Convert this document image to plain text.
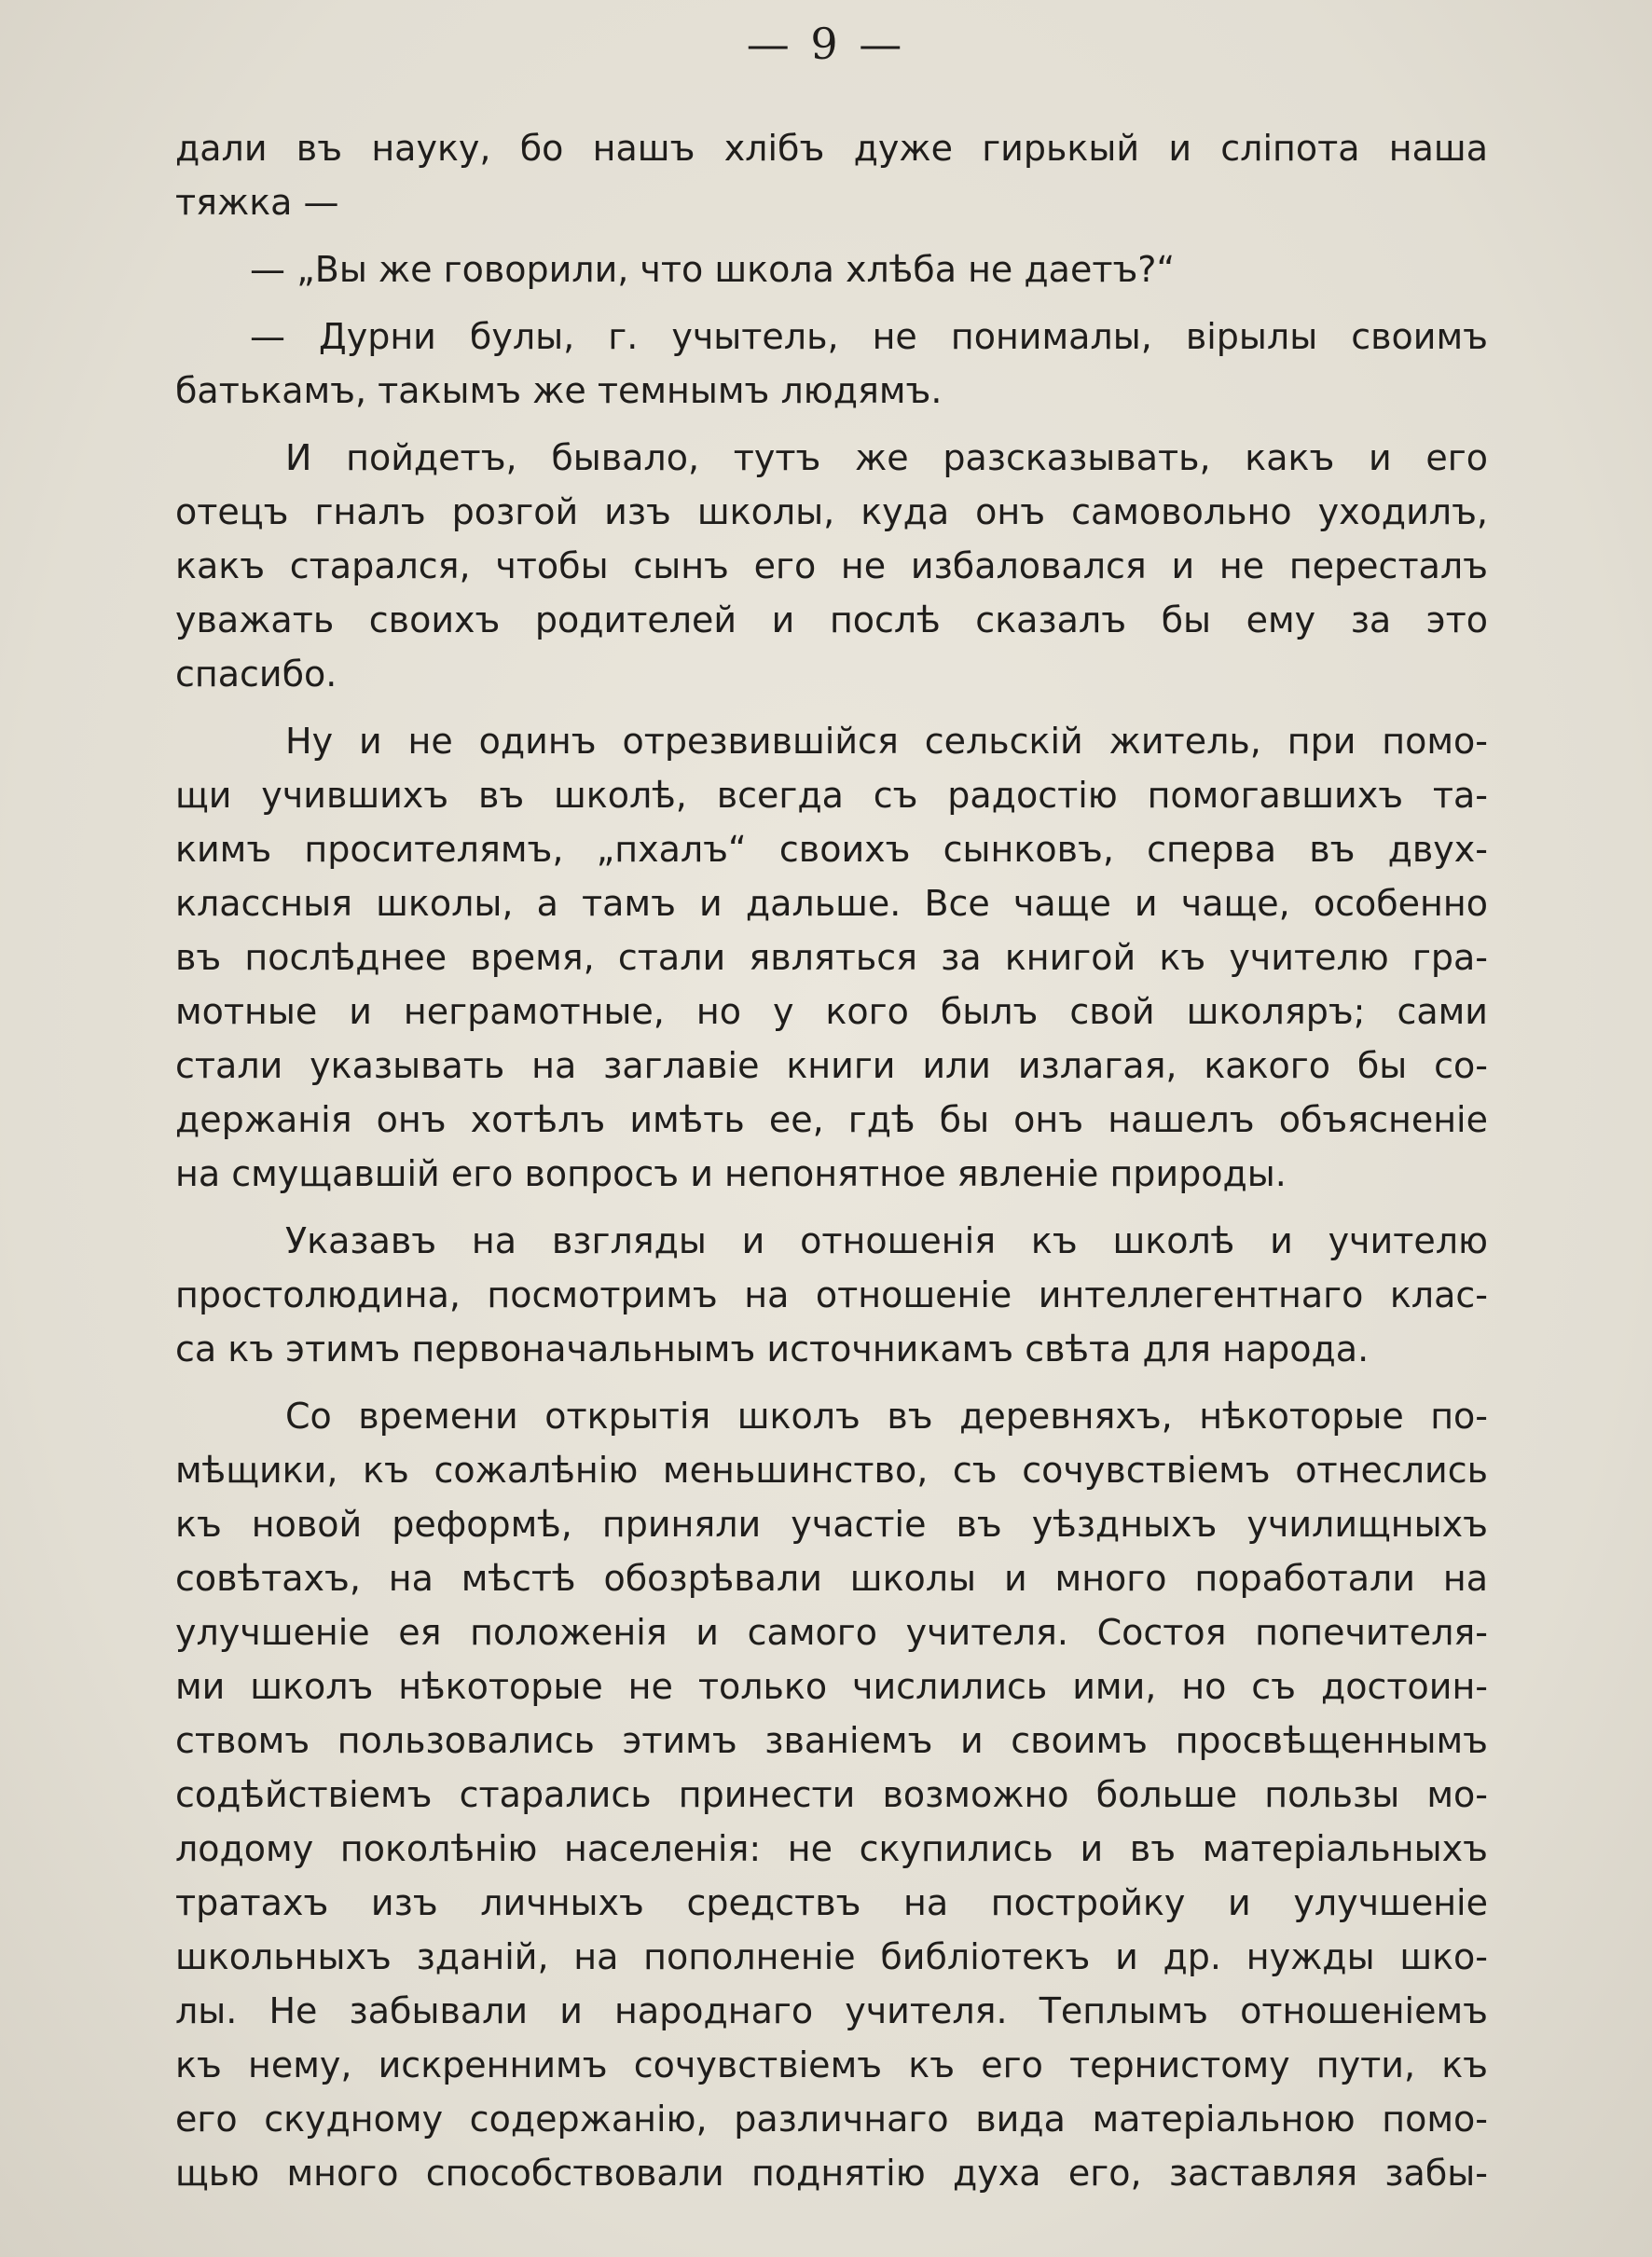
— 9 —
дали въ науку, бо нашъ хлібъ дуже гирькый и сліпота наша
тяжка —
— „Вы же говорили, что школа хлѣба не даетъ?“
— Дурни булы, г. учытель, не понималы, вірылы своимъ
батькамъ, такымъ же темнымъ людямъ.
И пойдетъ, бывало, тутъ же разсказывать, какъ и его
отецъ гналъ розгой изъ школы, куда онъ самовольно уходилъ,
какъ старался, чтобы сынъ его не избаловался и не пересталъ
уважать своихъ родителей и послѣ сказалъ бы ему за это
спасибо.
Ну и не одинъ отрезвившійся сельскій житель, при помо-
щи учившихъ въ школѣ, всегда съ радостію помогавшихъ та-
кимъ просителямъ, „пхалъ“ своихъ сынковъ, сперва въ двух-
классныя школы, а тамъ и дальше. Все чаще и чаще, особенно
въ послѣднее время, стали являться за книгой къ учителю гра-
мотные и неграмотные, но у кого былъ свой школяръ; сами
стали указывать на заглавіе книги или излагая, какого бы со-
держанія онъ хотѣлъ имѣть ее, гдѣ бы онъ нашелъ объясненіе
на смущавшій его вопросъ и непонятное явленіе природы.
Указавъ на взгляды и отношенія къ школѣ и учителю
простолюдина, посмотримъ на отношеніе интеллегентнаго клас-
са къ этимъ первоначальнымъ источникамъ свѣта для народа.
Со времени открытія школъ въ деревняхъ, нѣкоторые по-
мѣщики, къ сожалѣнію меньшинство, съ сочувствіемъ отнеслись
къ новой реформѣ, приняли участіе въ уѣздныхъ училищныхъ
совѣтахъ, на мѣстѣ обозрѣвали школы и много поработали на
улучшеніе ея положенія и самого учителя. Состоя попечителя-
ми школъ нѣкоторые не только числились ими, но съ достоин-
ствомъ пользовались этимъ званіемъ и своимъ просвѣщеннымъ
содѣйствіемъ старались принести возможно больше пользы мо-
лодому поколѣнію населенія: не скупились и въ матеріальныхъ
тратахъ изъ личныхъ средствъ на постройку и улучшеніе
школьныхъ зданій, на пополненіе библіотекъ и др. нужды шко-
лы. Не забывали и народнаго учителя. Теплымъ отношеніемъ
къ нему, искреннимъ сочувствіемъ къ его тернистому пути, къ
его скудному содержанію, различнаго вида матеріальною помо-
щью много способствовали поднятію духа его, заставляя забы-
